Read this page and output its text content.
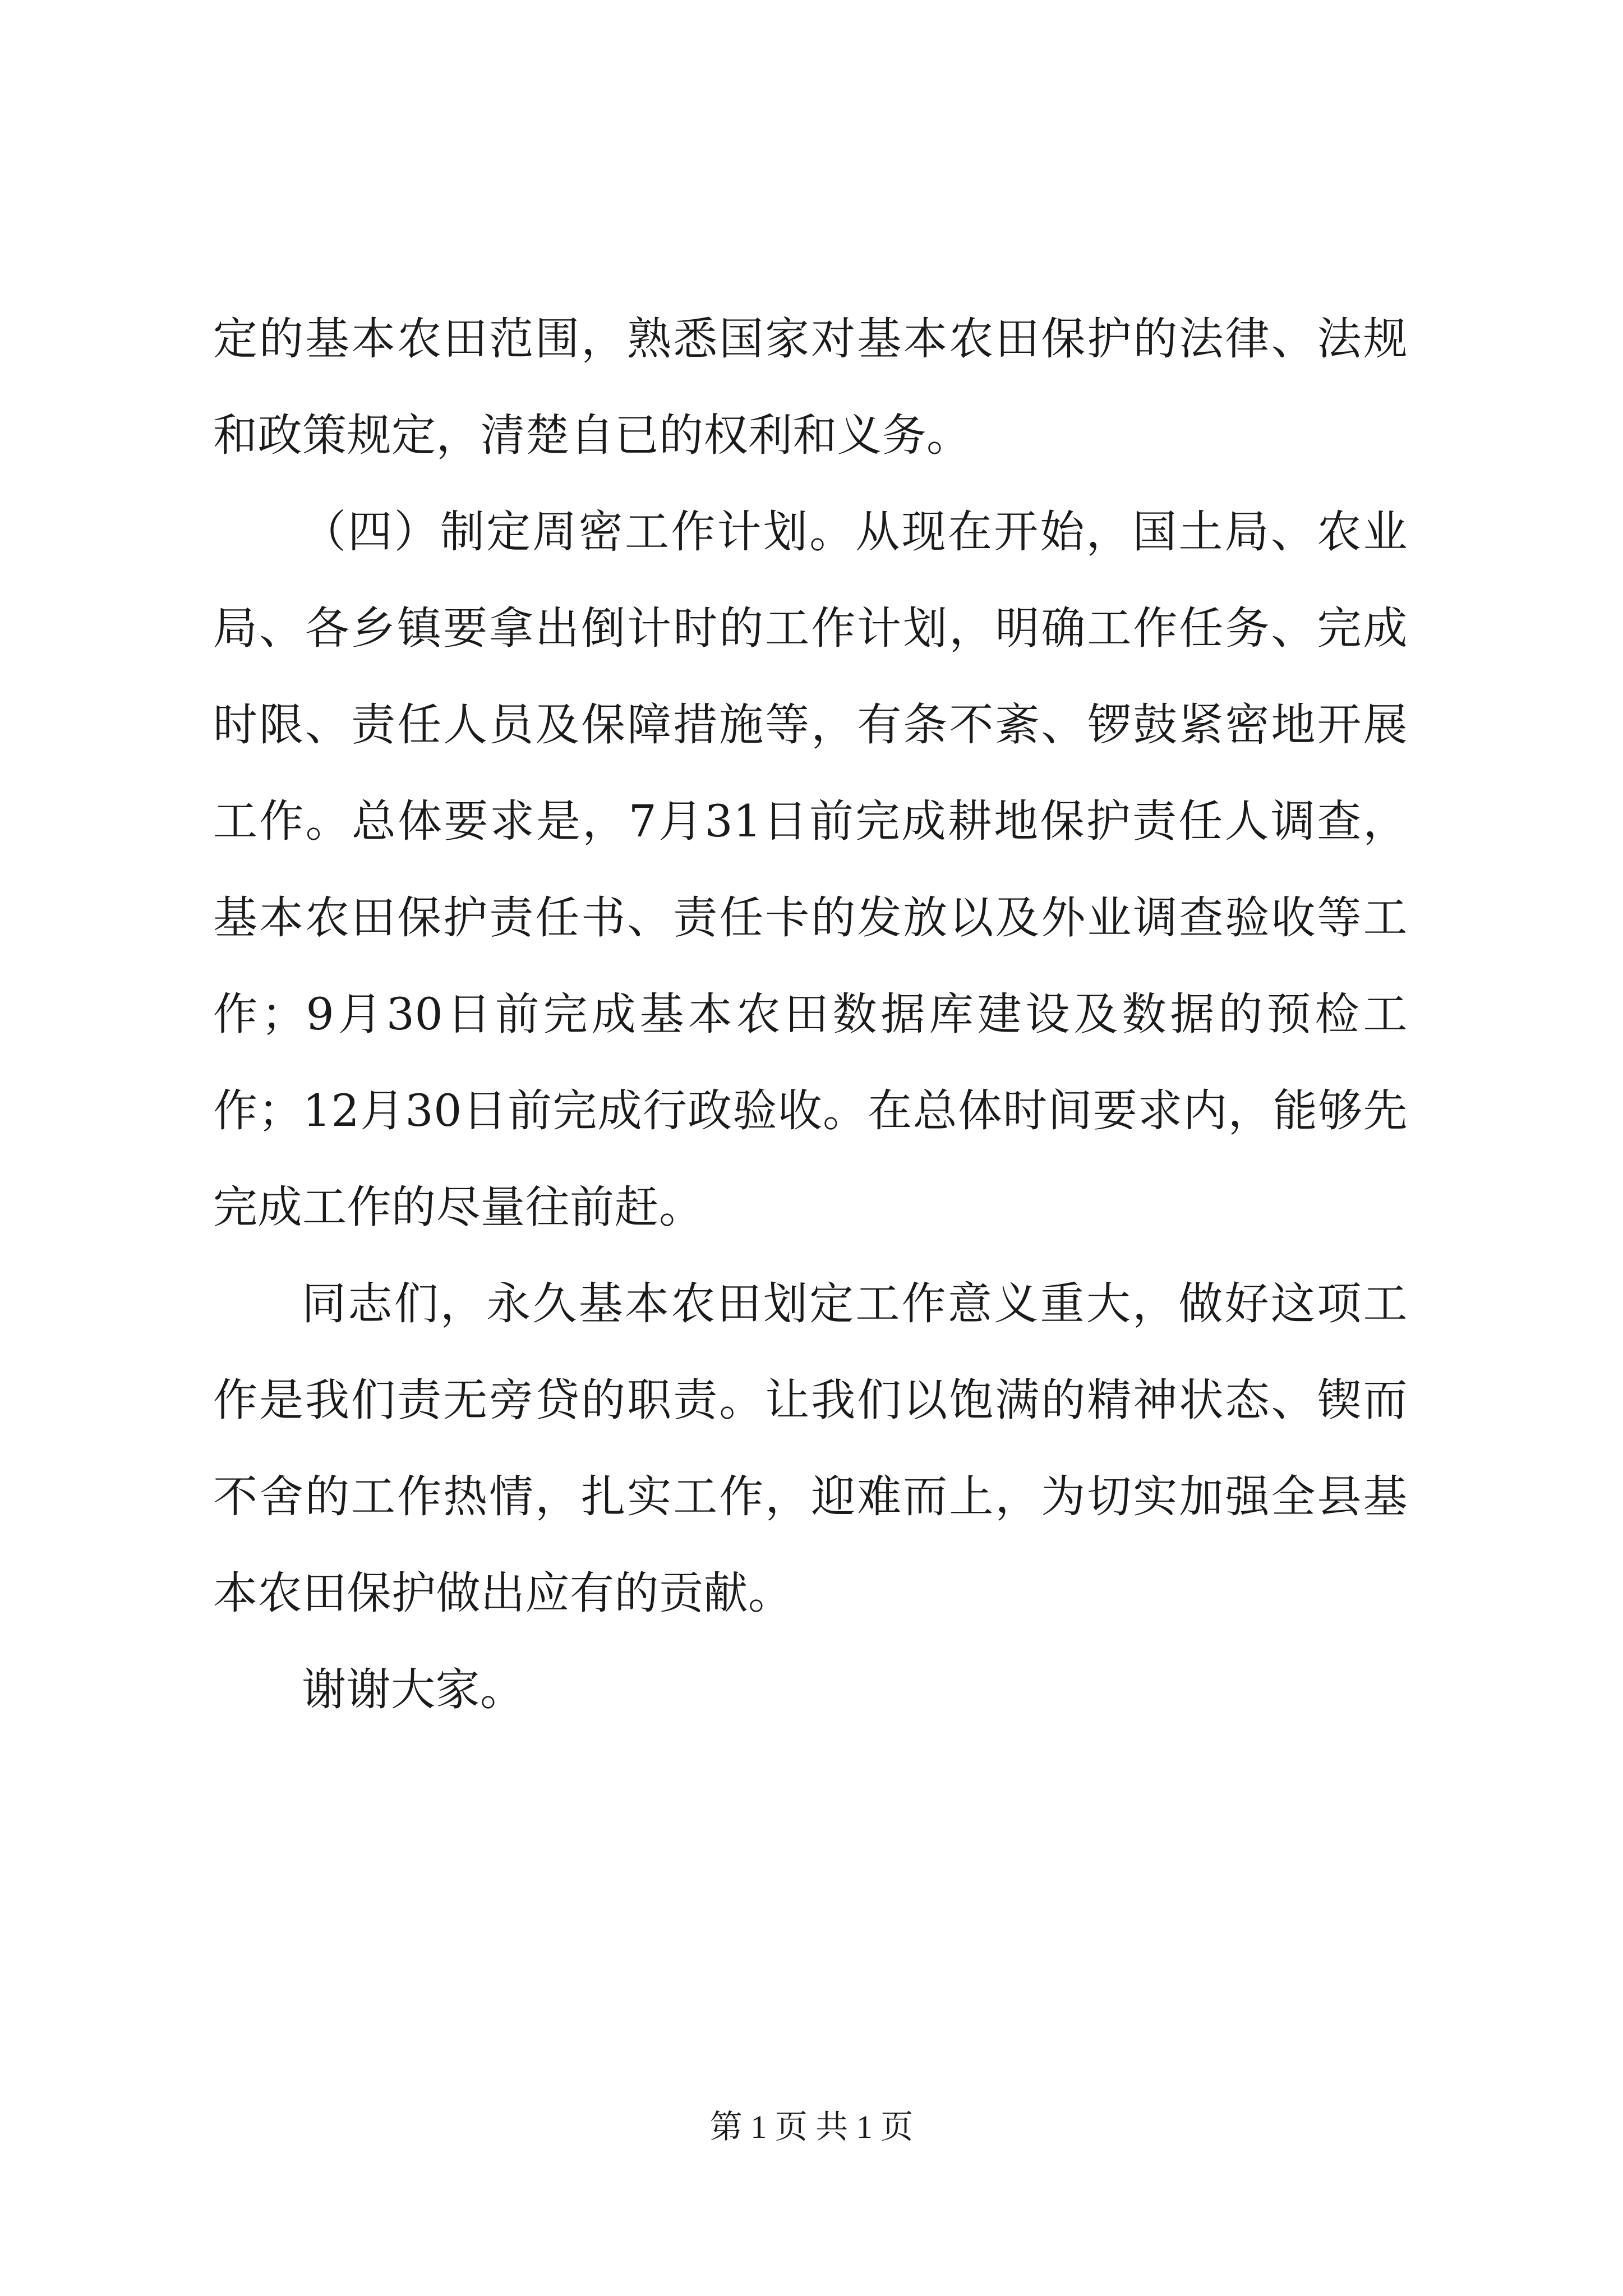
定的基本农田范围，熟悉国家对基本农田保护的法律、法规和政策规定，清楚自已的权利和义务。

（四）制定周密工作计划。从现在开始，国土局、农业局、各乡镇要拿出倒计时的工作计划，明确工作任务、完成时限、责任人员及保障措施等，有条不紊、锣鼓紧密地开展工作。总体要求是，7月31日前完成耕地保护责任人调查，基本农田保护责任书、责任卡的发放以及外业调查验收等工作；9月30日前完成基本农田数据库建设及数据的预检工作；12月30日前完成行政验收。在总体时间要求内，能够先完成工作的尽量往前赶。

同志们，永久基本农田划定工作意义重大，做好这项工作是我们责无旁贷的职责。让我们以饱满的精神状态、锲而不舍的工作热情，扎实工作，迎难而上，为切实加强全县基本农田保护做出应有的贡献。

谢谢大家。

第 1 页 共 1 页
